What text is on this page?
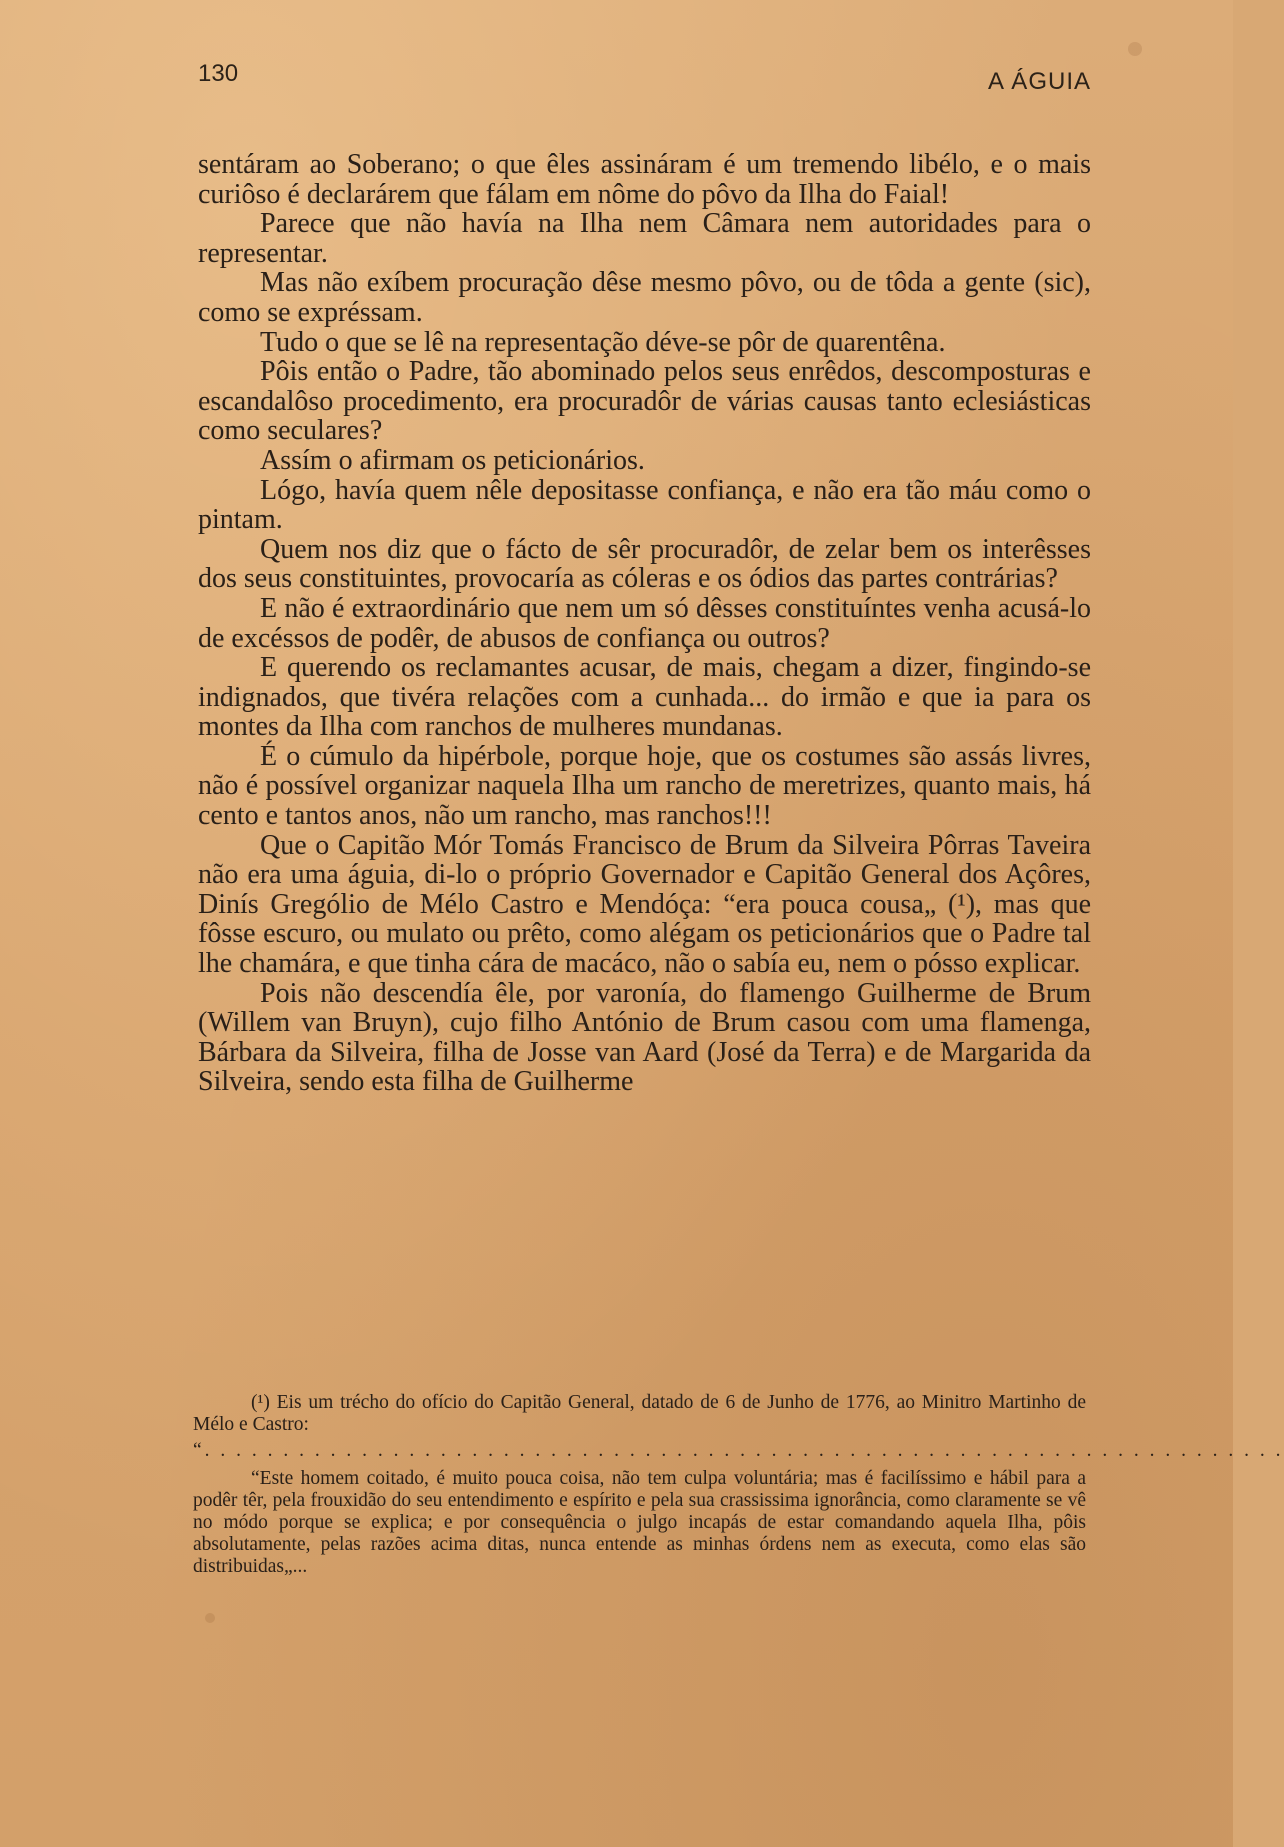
130	A ÁGUIA

sentáram ao Soberano; o que êles assináram é um tremendo libélo, e o mais curiôso é declarárem que fálam em nôme do pôvo da Ilha do Faial!

Parece que não havía na Ilha nem Câmara nem autoridades para o representar.

Mas não exíbem procuração dêse mesmo pôvo, ou de tôda a gente (sic), como se expréssam.

Tudo o que se lê na representação déve-se pôr de quarentêna.

Pôis então o Padre, tão abominado pelos seus enrêdos, descomposturas e escandalôso procedimento, era procuradôr de várias causas tanto eclesiásticas como seculares?

Assím o afirmam os peticionários.

Lógo, havía quem nêle depositasse confiança, e não era tão máu como o pintam.

Quem nos diz que o fácto de sêr procuradôr, de zelar bem os interêsses dos seus constituintes, provocaría as cóleras e os ódios das partes contrárias?

E não é extraordinário que nem um só dêsses constituíntes venha acusá-lo de excéssos de podêr, de abusos de confiança ou outros?

E querendo os reclamantes acusar, de mais, chegam a dizer, fingindo-se indignados, que tivéra relações com a cunhada... do irmão e que ia para os montes da Ilha com ranchos de mulheres mundanas.

É o cúmulo da hipérbole, porque hoje, que os costumes são assás livres, não é possível organizar naquela Ilha um rancho de meretrizes, quanto mais, há cento e tantos anos, não um rancho, mas ranchos!!!

Que o Capitão Mór Tomás Francisco de Brum da Silveira Pôrras Taveira não era uma águia, di-lo o próprio Governador e Capitão General dos Açôres, Dinís Grególio de Mélo Castro e Mendóça: “era pouca cousa„ (¹), mas que fôsse escuro, ou mulato ou prêto, como alégam os peticionários que o Padre tal lhe chamára, e que tinha cára de macáco, não o sabía eu, nem o pósso explicar.

Pois não descendía êle, por varonía, do flamengo Guilherme de Brum (Willem van Bruyn), cujo filho António de Brum casou com uma flamenga, Bárbara da Silveira, filha de Josse van Aard (José da Terra) e de Margarida da Silveira, sendo esta filha de Guilherme

(¹) Eis um trécho do ofício do Capitão General, datado de 6 de Junho de 1776, ao Minitro Martinho de Mélo e Castro:

“. . . . . . . . . . . . . . . . . . . . . . . . . . . . . . . . . . . . . . . . . . . . . . . . . . . . . . . . . . . . . . . . . . . . .

“Este homem coitado, é muito pouca coisa, não tem culpa voluntária; mas é facilíssimo e hábil para a podêr têr, pela frouxidão do seu entendimento e espírito e pela sua crassissima ignorância, como claramente se vê no módo porque se explica; e por consequência o julgo incapás de estar comandando aquela Ilha, pôis absolutamente, pelas razões acima ditas, nunca entende as minhas órdens nem as executa, como elas são distribuidas„...
